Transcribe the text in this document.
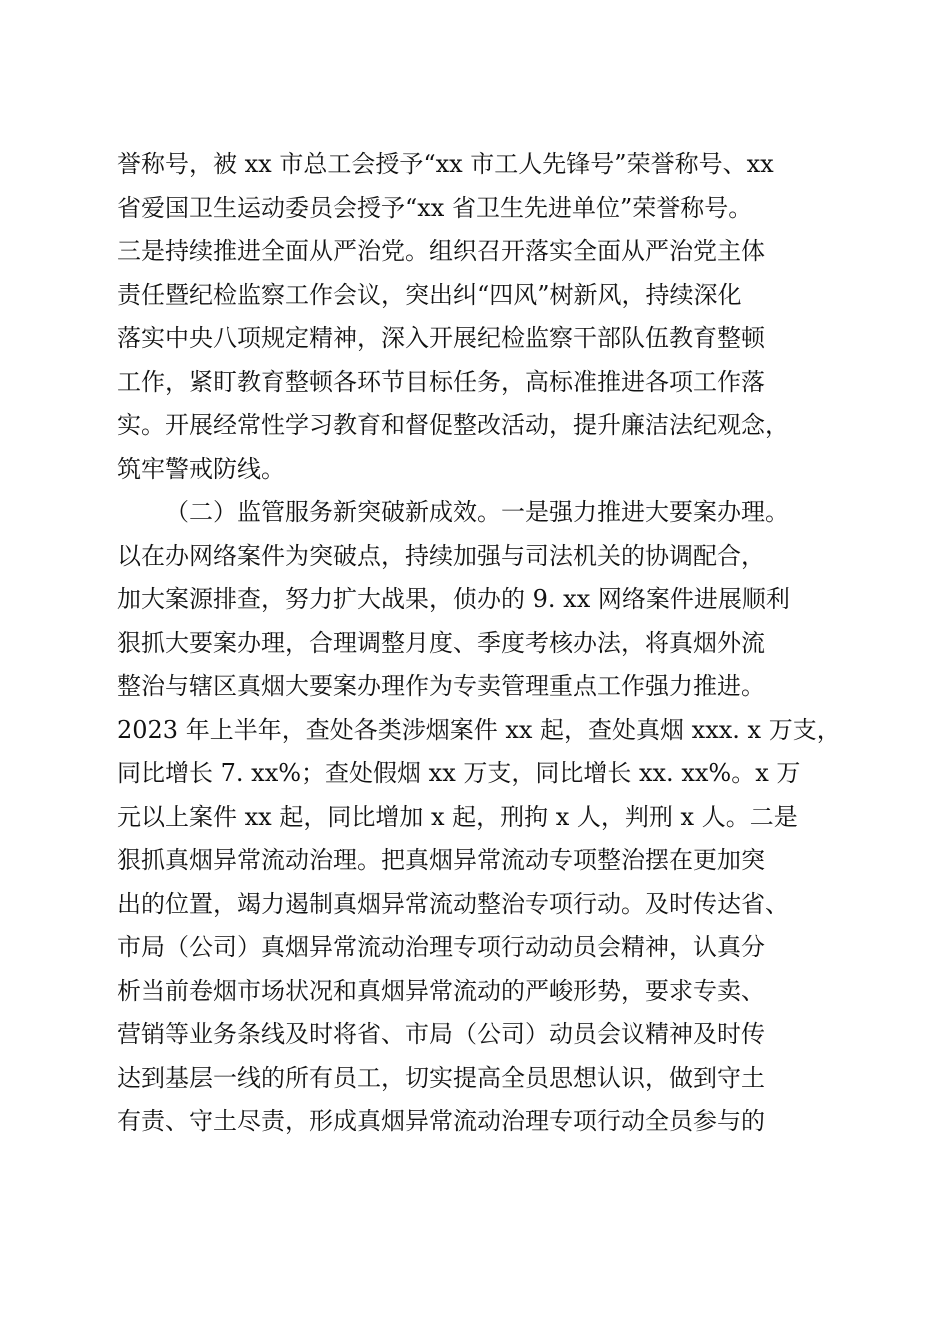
誉称号，被 xx 市总工会授予“xx 市工人先锋号”荣誉称号、xx
省爱国卫生运动委员会授予“xx 省卫生先进单位”荣誉称号。
三是持续推进全面从严治党。组织召开落实全面从严治党主体
责任暨纪检监察工作会议，突出纠“四风”树新风，持续深化
落实中央八项规定精神，深入开展纪检监察干部队伍教育整顿
工作，紧盯教育整顿各环节目标任务，高标准推进各项工作落
实。开展经常性学习教育和督促整改活动，提升廉洁法纪观念，
筑牢警戒防线。
（二）监管服务新突破新成效。一是强力推进大要案办理。
以在办网络案件为突破点，持续加强与司法机关的协调配合，
加大案源排查，努力扩大战果，侦办的 9. xx 网络案件进展顺利
狠抓大要案办理，合理调整月度、季度考核办法，将真烟外流
整治与辖区真烟大要案办理作为专卖管理重点工作强力推进。
2023 年上半年，查处各类涉烟案件 xx 起，查处真烟 xxx. x 万支，
同比增长 7. xx%；查处假烟 xx 万支，同比增长 xx. xx%。x 万
元以上案件 xx 起，同比增加 x 起，刑拘 x 人，判刑 x 人。二是
狠抓真烟异常流动治理。把真烟异常流动专项整治摆在更加突
出的位置，竭力遏制真烟异常流动整治专项行动。及时传达省、
市局（公司）真烟异常流动治理专项行动动员会精神，认真分
析当前卷烟市场状况和真烟异常流动的严峻形势，要求专卖、
营销等业务条线及时将省、市局（公司）动员会议精神及时传
达到基层一线的所有员工，切实提高全员思想认识，做到守土
有责、守土尽责，形成真烟异常流动治理专项行动全员参与的
